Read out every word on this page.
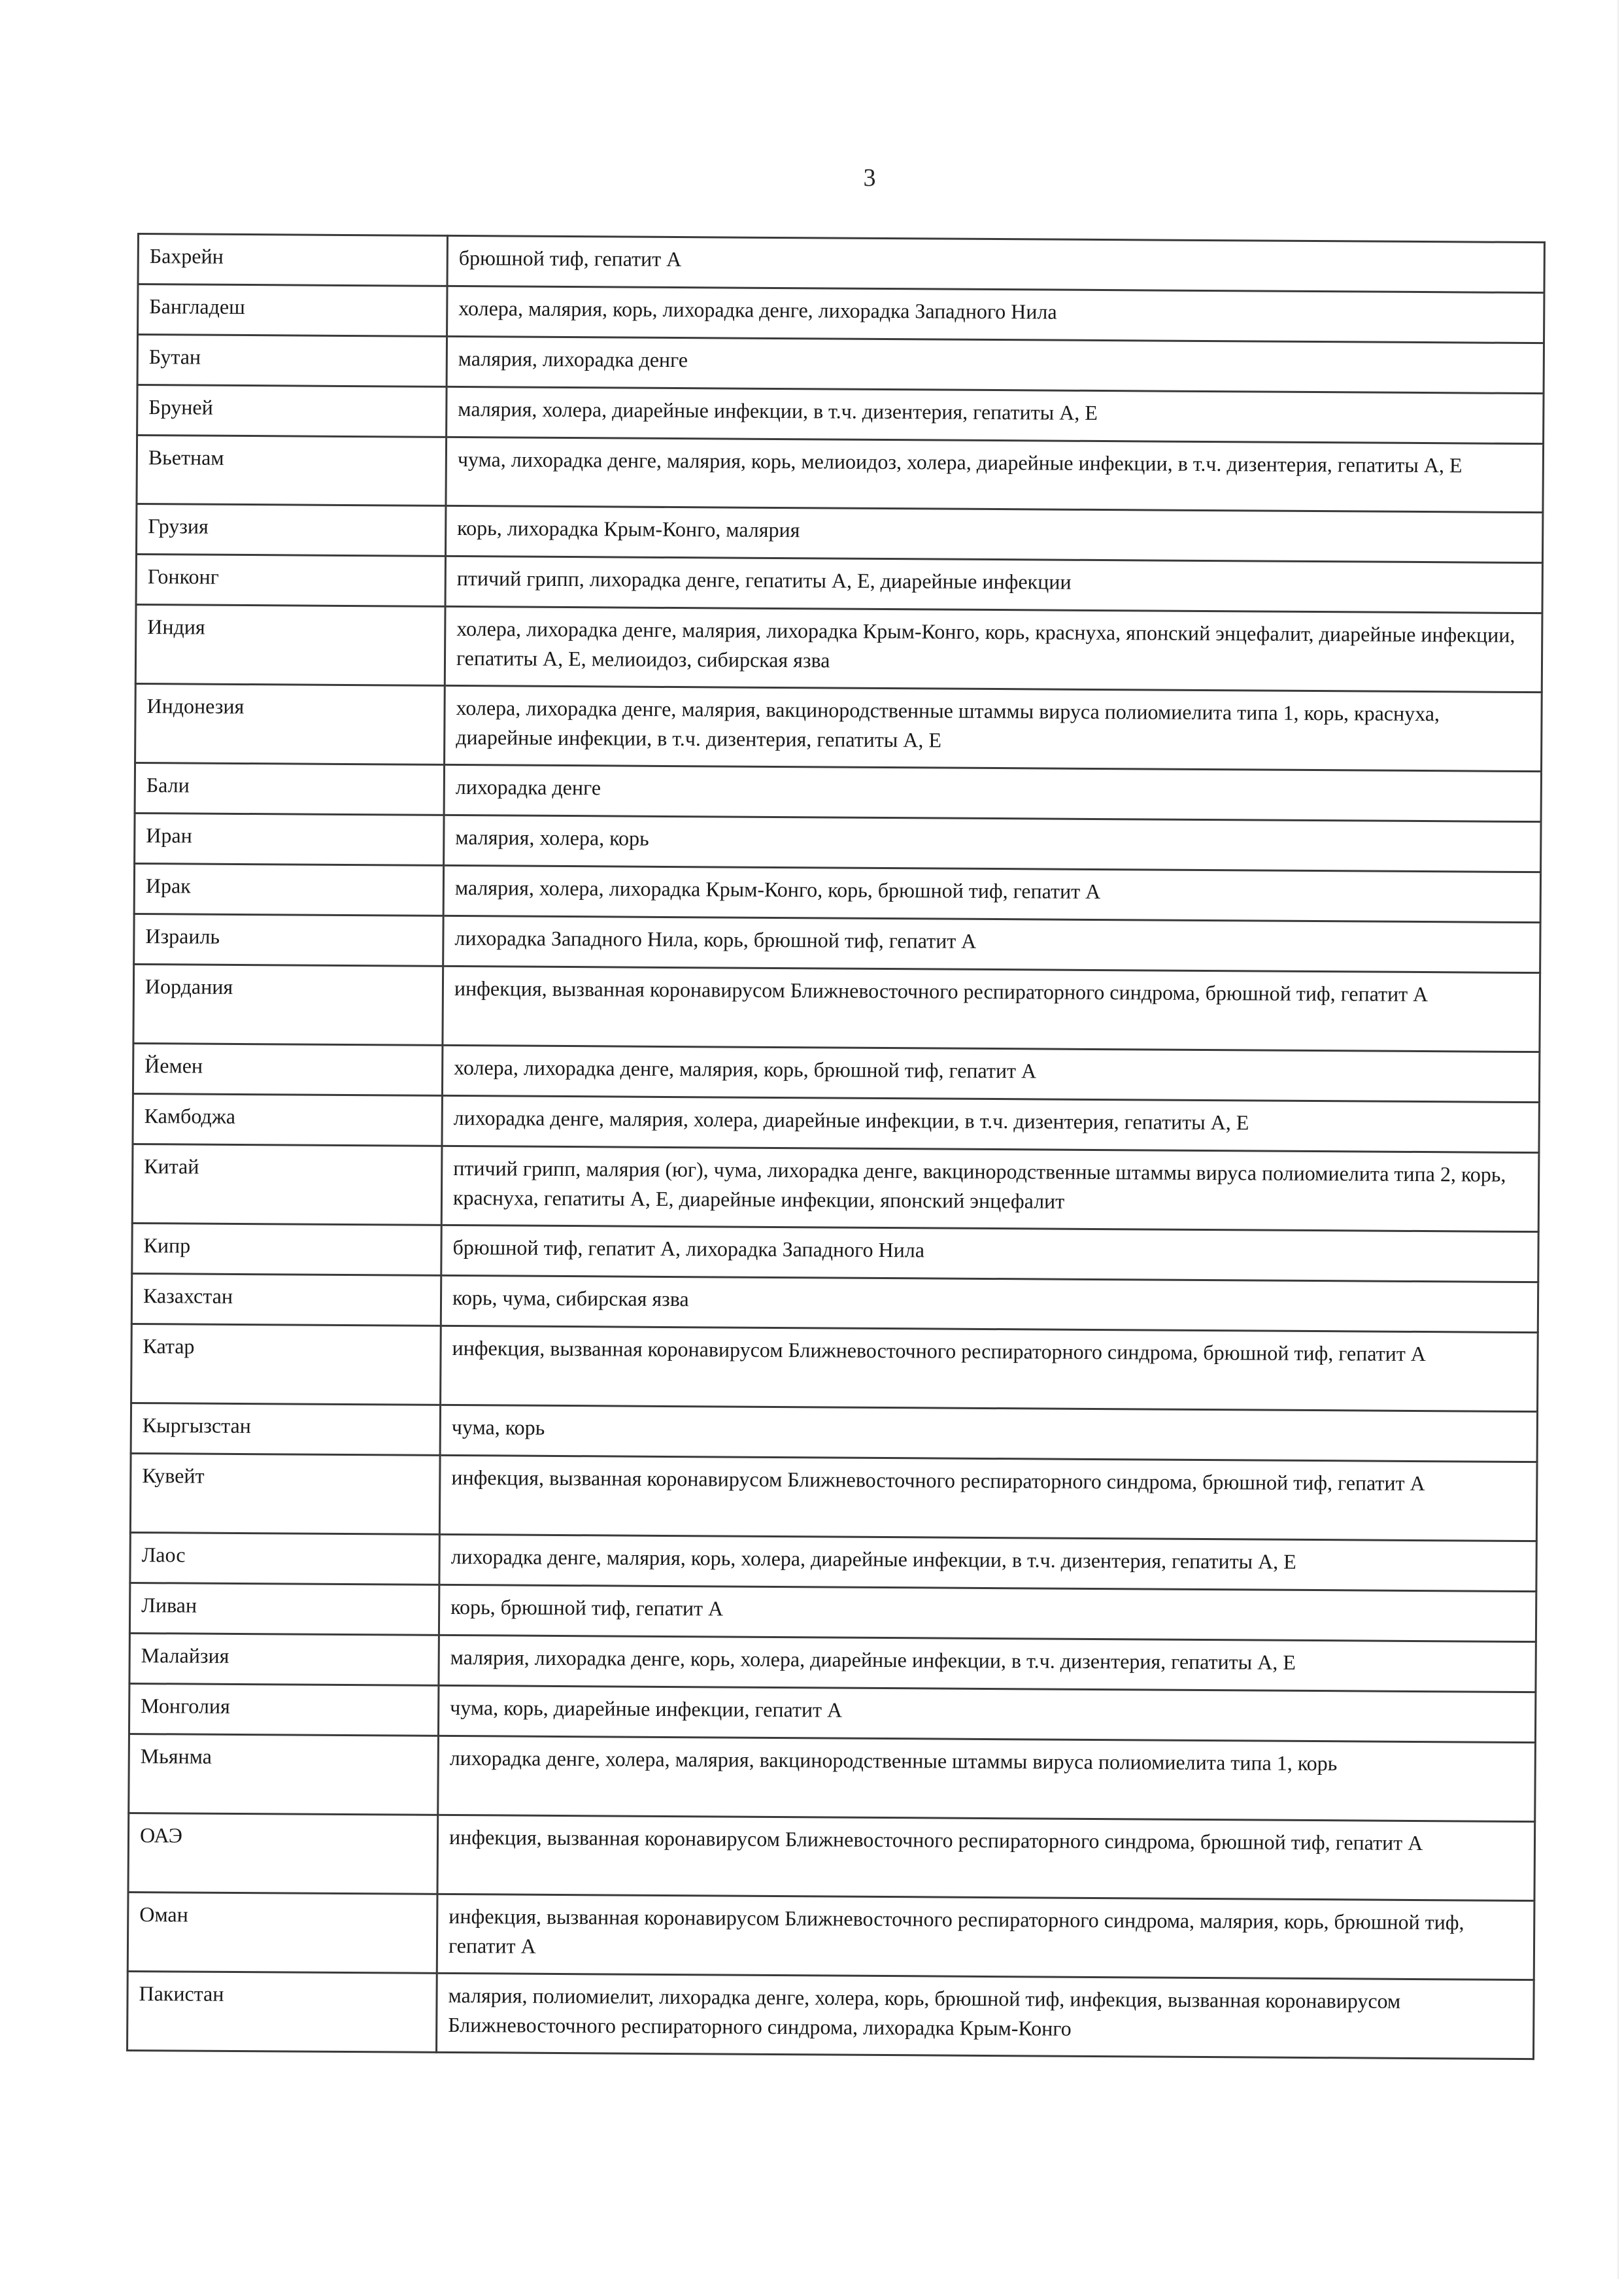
3
Бахрейн	брюшной тиф, гепатит А
Бангладеш	холера, малярия, корь, лихорадка денге, лихорадка Западного Нила
Бутан	малярия, лихорадка денге
Бруней	малярия, холера, диарейные инфекции, в т.ч. дизентерия, гепатиты А, Е
Вьетнам	чума, лихорадка денге, малярия, корь, мелиоидоз, холера, диарейные инфекции, в т.ч. дизентерия, гепатиты А, Е
Грузия	корь, лихорадка Крым-Конго, малярия
Гонконг	птичий грипп, лихорадка денге, гепатиты А, Е, диарейные инфекции
Индия	холера, лихорадка денге, малярия, лихорадка Крым-Конго, корь, краснуха, японский энцефалит, диарейные инфекции, гепатиты А, Е, мелиоидоз, сибирская язва
Индонезия	холера, лихорадка денге, малярия, вакцинородственные штаммы вируса полиомиелита типа 1, корь, краснуха, диарейные инфекции, в т.ч. дизентерия, гепатиты А, Е
Бали	лихорадка денге
Иран	малярия, холера, корь
Ирак	малярия, холера, лихорадка Крым-Конго, корь, брюшной тиф, гепатит А
Израиль	лихорадка Западного Нила, корь, брюшной тиф, гепатит А
Иордания	инфекция, вызванная коронавирусом Ближневосточного респираторного синдрома, брюшной тиф, гепатит А
Йемен	холера, лихорадка денге, малярия, корь, брюшной тиф, гепатит А
Камбоджа	лихорадка денге, малярия, холера, диарейные инфекции, в т.ч. дизентерия, гепатиты А, Е
Китай	птичий грипп, малярия (юг), чума, лихорадка денге, вакцинородственные штаммы вируса полиомиелита типа 2, корь, краснуха, гепатиты А, Е, диарейные инфекции, японский энцефалит
Кипр	брюшной тиф, гепатит А, лихорадка Западного Нила
Казахстан	корь, чума, сибирская язва
Катар	инфекция, вызванная коронавирусом Ближневосточного респираторного синдрома, брюшной тиф, гепатит А
Кыргызстан	чума, корь
Кувейт	инфекция, вызванная коронавирусом Ближневосточного респираторного синдрома, брюшной тиф, гепатит А
Лаос	лихорадка денге, малярия, корь, холера, диарейные инфекции, в т.ч. дизентерия, гепатиты А, Е
Ливан	корь, брюшной тиф, гепатит А
Малайзия	малярия, лихорадка денге, корь, холера, диарейные инфекции, в т.ч. дизентерия, гепатиты А, Е
Монголия	чума, корь, диарейные инфекции, гепатит А
Мьянма	лихорадка денге, холера, малярия, вакцинородственные штаммы вируса полиомиелита типа 1, корь
ОАЭ	инфекция, вызванная коронавирусом Ближневосточного респираторного синдрома, брюшной тиф, гепатит А
Оман	инфекция, вызванная коронавирусом Ближневосточного респираторного синдрома, малярия, корь, брюшной тиф, гепатит А
Пакистан	малярия, полиомиелит, лихорадка денге, холера, корь, брюшной тиф, инфекция, вызванная коронавирусом Ближневосточного респираторного синдрома, лихорадка Крым-Конго
